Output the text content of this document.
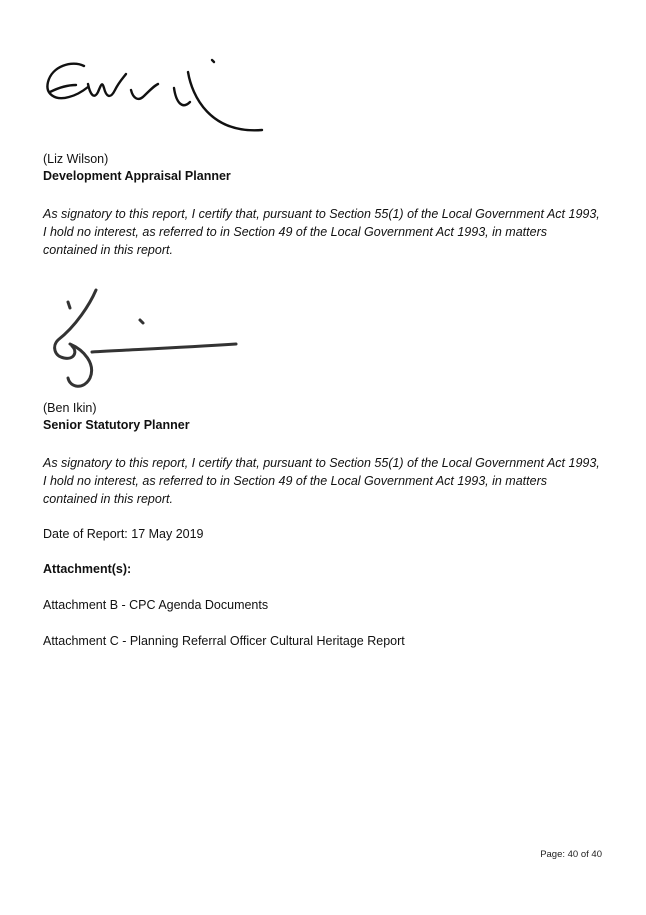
(Liz Wilson)

Development Appraisal Planner

As signatory to this report, I certify that, pursuant to Section 55(1) of the Local Government Act 1993, I hold no interest, as referred to in Section 49 of the Local Government Act 1993, in matters contained in this report.

(Ben Ikin)

Senior Statutory Planner

As signatory to this report, I certify that, pursuant to Section 55(1) of the Local Government Act 1993, I hold no interest, as referred to in Section 49 of the Local Government Act 1993, in matters contained in this report.

Date of Report: 17 May 2019

Attachment(s):

Attachment B - CPC Agenda Documents

Attachment C - Planning Referral Officer Cultural Heritage Report

Page: 40 of 40
